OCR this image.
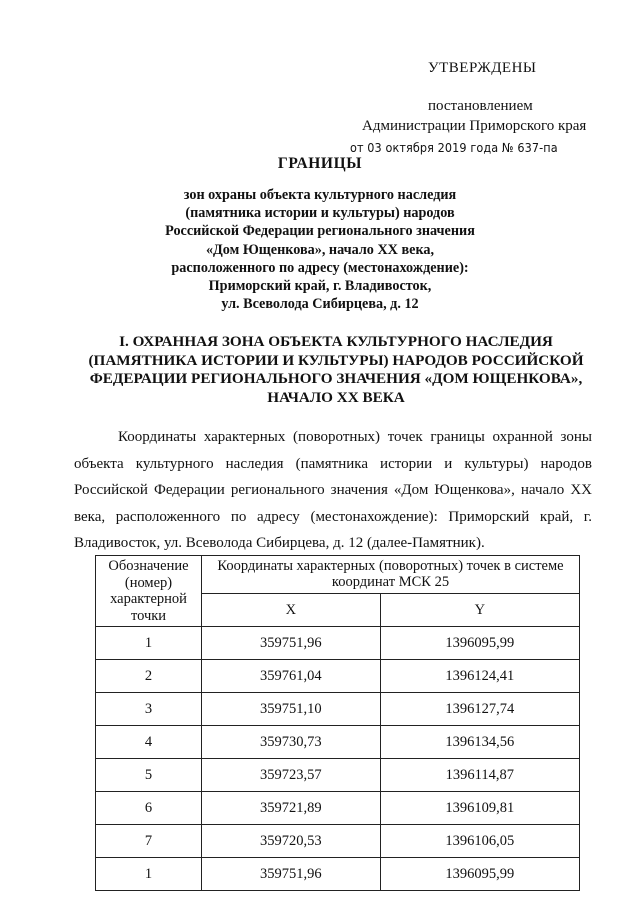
УТВЕРЖДЕНЫ
постановлением
Администрации Приморского края
от 03 октября 2019 года № 637-па
ГРАНИЦЫ
зон охраны объекта культурного наследия
(памятника истории и культуры) народов
Российской Федерации регионального значения
«Дом Ющенкова», начало XX века,
расположенного по адресу (местонахождение):
Приморский край, г. Владивосток,
ул. Всеволода Сибирцева, д. 12
I. ОХРАННАЯ ЗОНА ОБЪЕКТА КУЛЬТУРНОГО НАСЛЕДИЯ
(ПАМЯТНИКА ИСТОРИИ И КУЛЬТУРЫ) НАРОДОВ РОССИЙСКОЙ
ФЕДЕРАЦИИ РЕГИОНАЛЬНОГО ЗНАЧЕНИЯ «ДОМ ЮЩЕНКОВА»,
НАЧАЛО XX ВЕКА
Координаты характерных (поворотных) точек границы охранной зоны объекта культурного наследия (памятника истории и культуры) народов Российской Федерации регионального значения «Дом Ющенкова», начало XX века, расположенного по адресу (местонахождение): Приморский край, г. Владивосток, ул. Всеволода Сибирцева, д. 12 (далее-Памятник).
Обозначение (номер) характерной точки	Координаты характерных (поворотных) точек в системе координат МСК 25	
	X	Y
1	359751,96	1396095,99
2	359761,04	1396124,41
3	359751,10	1396127,74
4	359730,73	1396134,56
5	359723,57	1396114,87
6	359721,89	1396109,81
7	359720,53	1396106,05
1	359751,96	1396095,99
